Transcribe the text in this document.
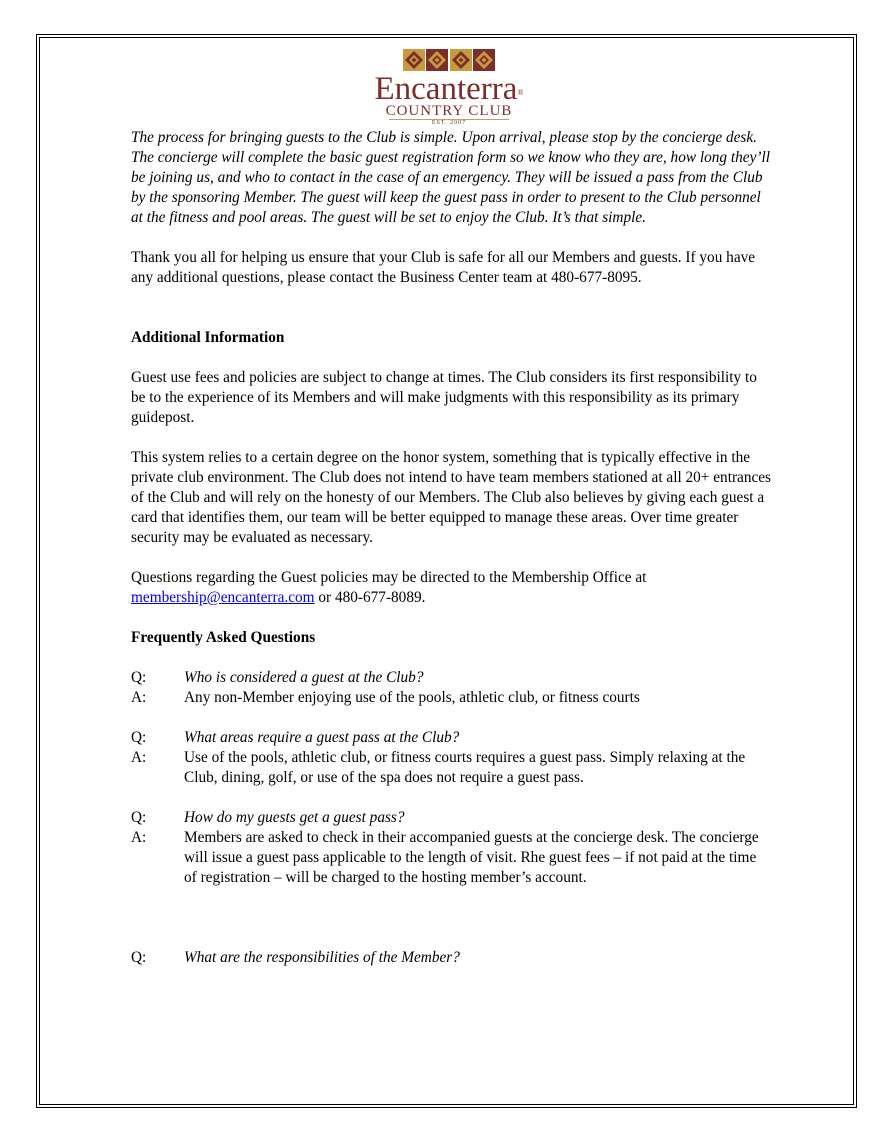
Encanterra®
COUNTRY CLUB
EST. 2007

The process for bringing guests to the Club is simple. Upon arrival, please stop by the concierge desk. The concierge will complete the basic guest registration form so we know who they are, how long they’ll be joining us, and who to contact in the case of an emergency. They will be issued a pass from the Club by the sponsoring Member. The guest will keep the guest pass in order to present to the Club personnel at the fitness and pool areas. The guest will be set to enjoy the Club. It’s that simple.

Thank you all for helping us ensure that your Club is safe for all our Members and guests. If you have any additional questions, please contact the Business Center team at 480-677-8095.

Additional Information

Guest use fees and policies are subject to change at times. The Club considers its first responsibility to be to the experience of its Members and will make judgments with this responsibility as its primary guidepost.

This system relies to a certain degree on the honor system, something that is typically effective in the private club environment. The Club does not intend to have team members stationed at all 20+ entrances of the Club and will rely on the honesty of our Members. The Club also believes by giving each guest a card that identifies them, our team will be better equipped to manage these areas. Over time greater security may be evaluated as necessary.

Questions regarding the Guest policies may be directed to the Membership Office at membership@encanterra.com or 480-677-8089.

Frequently Asked Questions

Q:	Who is considered a guest at the Club?
A:	Any non-Member enjoying use of the pools, athletic club, or fitness courts
Q:	What areas require a guest pass at the Club?
A:	Use of the pools, athletic club, or fitness courts requires a guest pass. Simply relaxing at the Club, dining, golf, or use of the spa does not require a guest pass.
Q:	How do my guests get a guest pass?
A:	Members are asked to check in their accompanied guests at the concierge desk. The concierge will issue a guest pass applicable to the length of visit. Rhe guest fees – if not paid at the time of registration – will be charged to the hosting member’s account.
Q:	What are the responsibilities of the Member?
